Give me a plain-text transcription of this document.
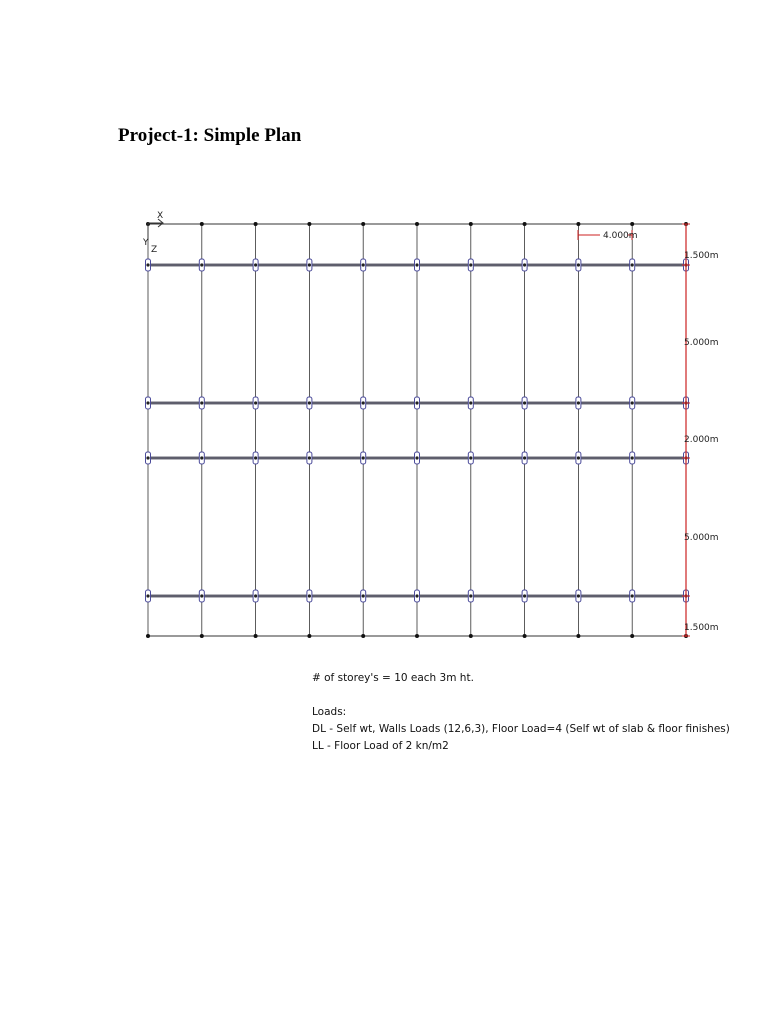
Project-1: Simple Plan
X
Y
Z
4.000m
1.500m
5.000m
2.000m
5.000m
1.500m
# of storey's = 10 each 3m ht.
Loads:
DL - Self wt, Walls Loads (12,6,3), Floor Load=4 (Self wt of slab & floor finishes)
LL - Floor Load of 2 kn/m2
